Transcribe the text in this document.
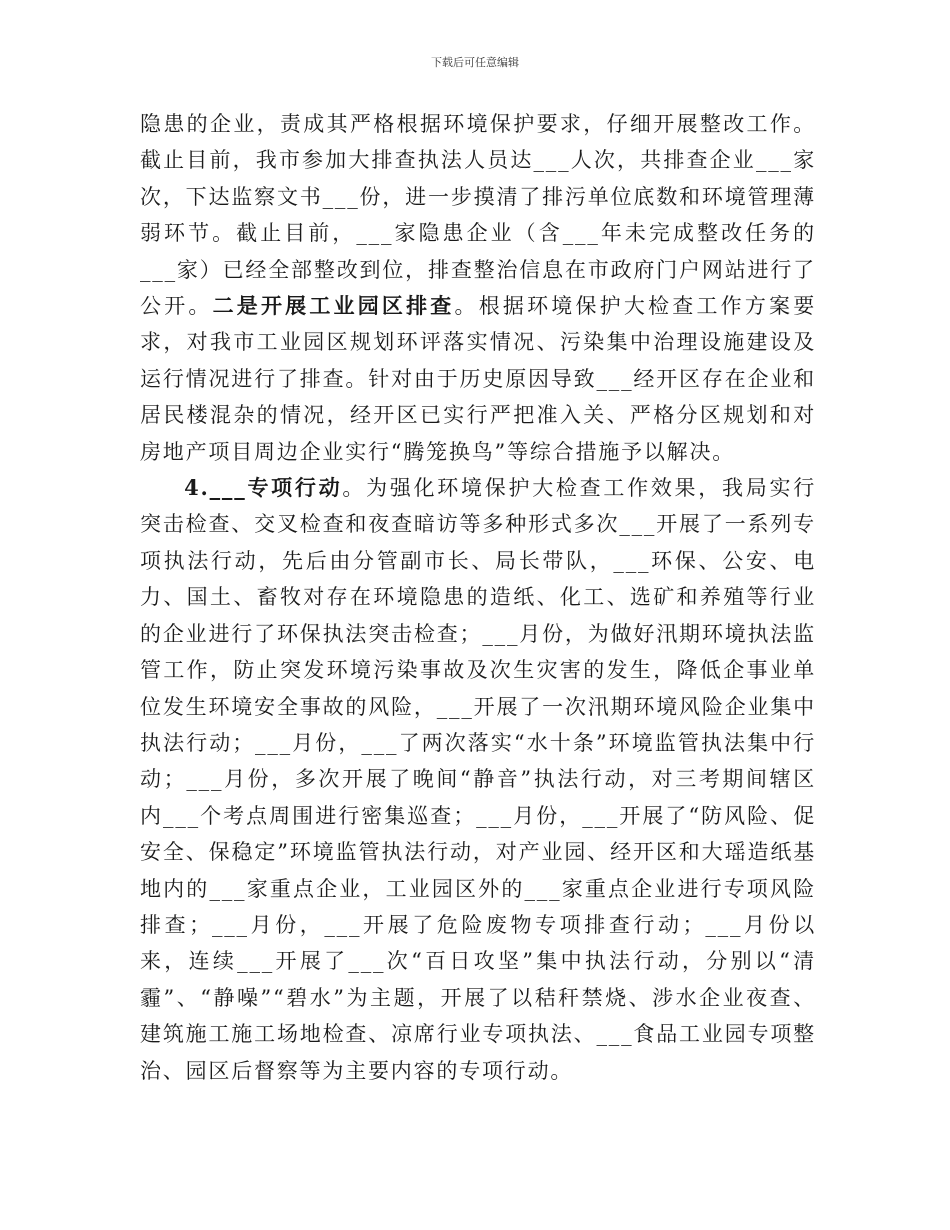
下载后可任意编辑

隐患的企业，责成其严格根据环境保护要求，仔细开展整改工作。截止目前，我市参加大排查执法人员达___人次，共排查企业___家次，下达监察文书___份，进一步摸清了排污单位底数和环境管理薄弱环节。截止目前，___家隐患企业（含___年未完成整改任务的___家）已经全部整改到位，排查整治信息在市政府门户网站进行了公开。二是开展工业园区排查。根据环境保护大检查工作方案要求，对我市工业园区规划环评落实情况、污染集中治理设施建设及运行情况进行了排查。针对由于历史原因导致___经开区存在企业和居民楼混杂的情况，经开区已实行严把准入关、严格分区规划和对房地产项目周边企业实行“腾笼换鸟”等综合措施予以解决。

4.___专项行动。为强化环境保护大检查工作效果，我局实行突击检查、交叉检查和夜查暗访等多种形式多次___开展了一系列专项执法行动，先后由分管副市长、局长带队，___环保、公安、电力、国土、畜牧对存在环境隐患的造纸、化工、选矿和养殖等行业的企业进行了环保执法突击检查；___月份，为做好汛期环境执法监管工作，防止突发环境污染事故及次生灾害的发生，降低企事业单位发生环境安全事故的风险，___开展了一次汛期环境风险企业集中执法行动；___月份，___了两次落实“水十条”环境监管执法集中行动；___月份，多次开展了晚间“静音”执法行动，对三考期间辖区内___个考点周围进行密集巡查；___月份，___开展了“防风险、促安全、保稳定”环境监管执法行动，对产业园、经开区和大瑶造纸基地内的___家重点企业，工业园区外的___家重点企业进行专项风险排查；___月份，___开展了危险废物专项排查行动；___月份以来，连续___开展了___次“百日攻坚”集中执法行动，分别以“清霾”、“静噪”“碧水”为主题，开展了以秸秆禁烧、涉水企业夜查、建筑施工施工场地检查、凉席行业专项执法、___食品工业园专项整治、园区后督察等为主要内容的专项行动。
